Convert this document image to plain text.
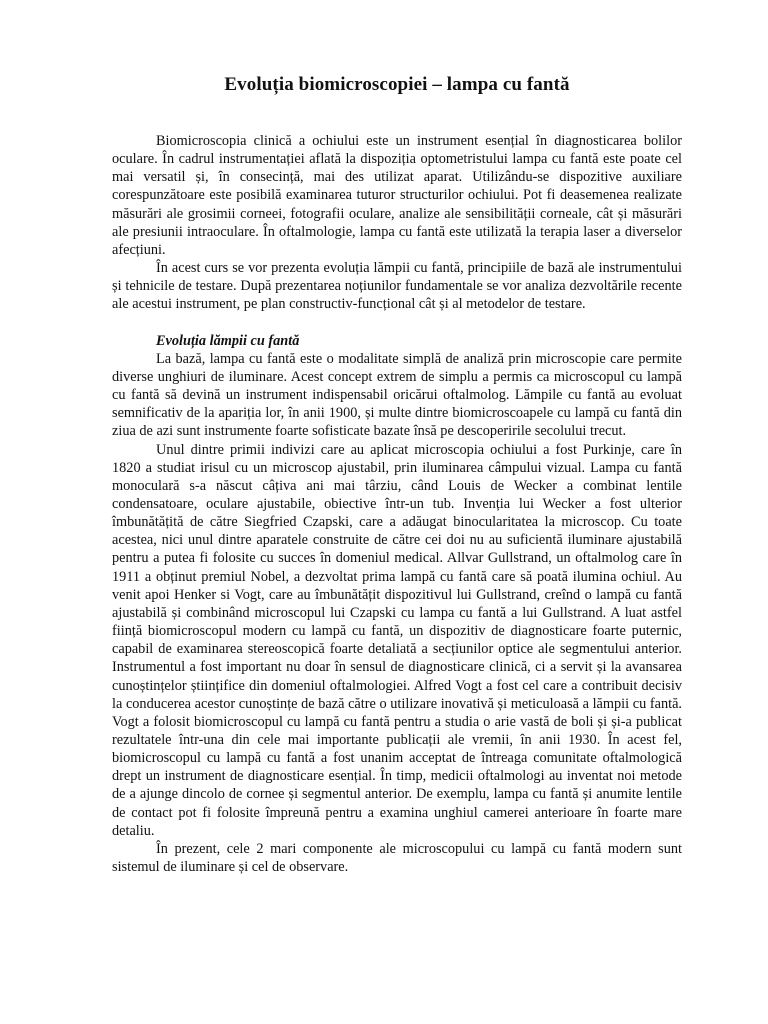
Evoluția biomicroscopiei – lampa cu fantă

Biomicroscopia clinică a ochiului este un instrument esențial în diagnosticarea bolilor oculare. În cadrul instrumentației aflată la dispoziția optometristului lampa cu fantă este poate cel mai versatil și, în consecință, mai des utilizat aparat. Utilizându-se dispozitive auxiliare corespunzătoare este posibilă examinarea tuturor structurilor ochiului. Pot fi deasemenea realizate măsurări ale grosimii corneei, fotografii oculare, analize ale sensibilității corneale, cât și măsurări ale presiunii intraoculare. În oftalmologie, lampa cu fantă este utilizată la terapia laser a diverselor afecțiuni.

În acest curs se vor prezenta evoluția lămpii cu fantă, principiile de bază ale instrumentului și tehnicile de testare. După prezentarea noțiunilor fundamentale se vor analiza dezvoltările recente ale acestui instrument, pe plan constructiv-funcțional cât și al metodelor de testare.

Evoluția lămpii cu fantă

La bază, lampa cu fantă este o modalitate simplă de analiză prin microscopie care permite diverse unghiuri de iluminare. Acest concept extrem de simplu a permis ca microscopul cu lampă cu fantă să devină un instrument indispensabil oricărui oftalmolog. Lămpile cu fantă au evoluat semnificativ de la apariția lor, în anii 1900, și multe dintre biomicroscoapele cu lampă cu fantă din ziua de azi sunt instrumente foarte sofisticate bazate însă pe descoperirile secolului trecut.

Unul dintre primii indivizi care au aplicat microscopia ochiului a fost Purkinje, care în 1820 a studiat irisul cu un microscop ajustabil, prin iluminarea câmpului vizual. Lampa cu fantă monoculară s-a născut câțiva ani mai târziu, când Louis de Wecker a combinat lentile condensatoare, oculare ajustabile, obiective într-un tub. Invenția lui Wecker a fost ulterior îmbunătățită de către Siegfried Czapski, care a adăugat binocularitatea la microscop. Cu toate acestea, nici unul dintre aparatele construite de către cei doi nu au suficientă iluminare ajustabilă pentru a putea fi folosite cu succes în domeniul medical. Allvar Gullstrand, un oftalmolog care în 1911 a obținut premiul Nobel, a dezvoltat prima lampă cu fantă care să poată ilumina ochiul. Au venit apoi Henker si Vogt, care au îmbunătățit dispozitivul lui Gullstrand, creînd o lampă cu fantă ajustabilă și combinând microscopul lui Czapski cu lampa cu fantă a lui Gullstrand. A luat astfel ființă biomicroscopul modern cu lampă cu fantă, un dispozitiv de diagnosticare foarte puternic, capabil de examinarea stereoscopică foarte detaliată a secțiunilor optice ale segmentului anterior. Instrumentul a fost important nu doar în sensul de diagnosticare clinică, ci a servit și la avansarea cunoștințelor științifice din domeniul oftalmologiei. Alfred Vogt a fost cel care a contribuit decisiv la conducerea acestor cunoștințe de bază către o utilizare inovativă și meticuloasă a lămpii cu fantă. Vogt a folosit biomicroscopul cu lampă cu fantă pentru a studia o arie vastă de boli și și-a publicat rezultatele într-una din cele mai importante publicații ale vremii, în anii 1930. În acest fel, biomicroscopul cu lampă cu fantă a fost unanim acceptat de întreaga comunitate oftalmologică drept un instrument de diagnosticare esențial. În timp, medicii oftalmologi au inventat noi metode de a ajunge dincolo de cornee și segmentul anterior. De exemplu, lampa cu fantă și anumite lentile de contact pot fi folosite împreună pentru a examina unghiul camerei anterioare în foarte mare detaliu.

În prezent, cele 2 mari componente ale microscopului cu lampă cu fantă modern sunt sistemul de iluminare și cel de observare.
